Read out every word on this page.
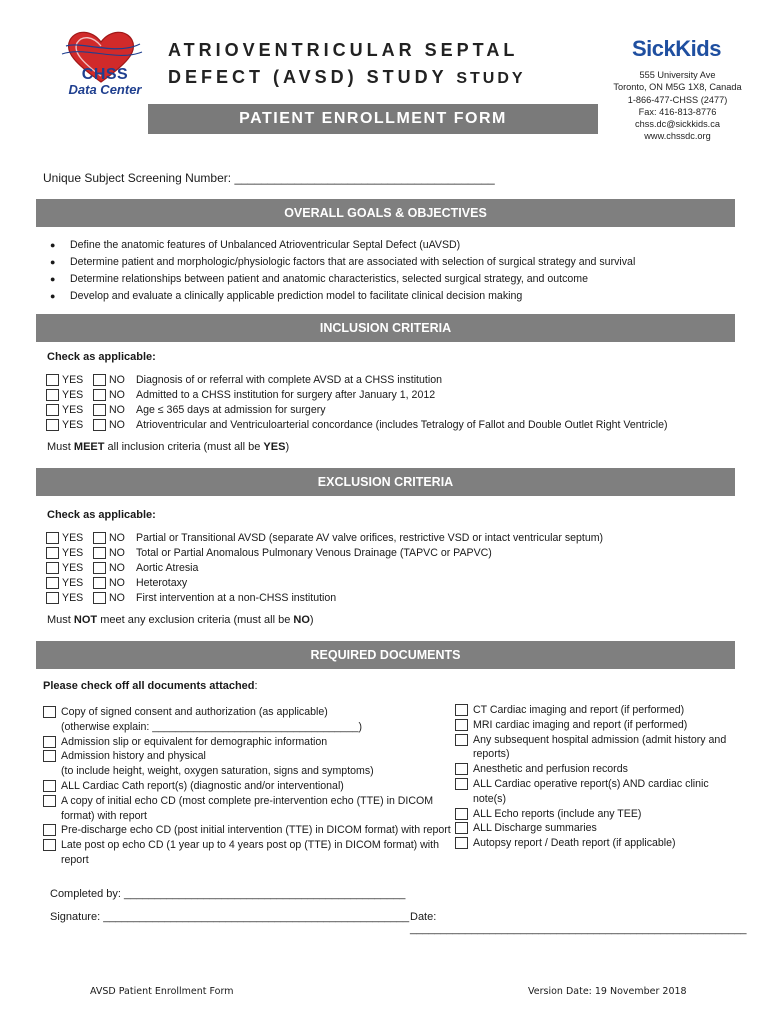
CHSS
Data Center
ATRIOVENTRICULAR SEPTAL
DEFECT (AVSD) STUDY STUDY
PATIENT ENROLLMENT FORM
SickKids
555 University Ave
Toronto, ON M5G 1X8, Canada
1-866-477-CHSS (2477)
Fax: 416-813-8776
chss.dc@sickkids.ca
www.chssdc.org
Unique Subject Screening Number: _______________________________________
OVERALL GOALS & OBJECTIVES
●	Define the anatomic features of Unbalanced Atrioventricular Septal Defect (uAVSD)
●	Determine patient and morphologic/physiologic factors that are associated with selection of surgical strategy and survival
●	Determine relationships between patient and anatomic characteristics, selected surgical strategy, and outcome
●	Develop and evaluate a clinically applicable prediction model to facilitate clinical decision making
INCLUSION CRITERIA
Check as applicable:
YES	NO	Diagnosis of or referral with complete AVSD at a CHSS institution
YES	NO	Admitted to a CHSS institution for surgery after January 1, 2012
YES	NO	Age ≤ 365 days at admission for surgery
YES	NO	Atrioventricular and Ventriculoarterial concordance (includes Tetralogy of Fallot and Double Outlet Right Ventricle)
Must MEET all inclusion criteria (must all be YES)
EXCLUSION CRITERIA
Check as applicable:
YES	NO	Partial or Transitional AVSD (separate AV valve orifices, restrictive VSD or intact ventricular septum)
YES	NO	Total or Partial Anomalous Pulmonary Venous Drainage (TAPVC or PAPVC)
YES	NO	Aortic Atresia
YES	NO	Heterotaxy
YES	NO	First intervention at a non-CHSS institution
Must NOT meet any exclusion criteria (must all be NO)
REQUIRED DOCUMENTS
Please check off all documents attached:
Copy of signed consent and authorization (as applicable)
(otherwise explain: ___________________________________)
Admission slip or equivalent for demographic information
Admission history and physical
(to include height, weight, oxygen saturation, signs and symptoms)
ALL Cardiac Cath report(s) (diagnostic and/or interventional)
A copy of initial echo CD (most complete pre-intervention echo (TTE) in DICOM
format) with report
Pre-discharge echo CD (post initial intervention (TTE) in DICOM format) with report
Late post op echo CD (1 year up to 4 years post op (TTE) in DICOM format) with
report
CT Cardiac imaging and report (if performed)
MRI cardiac imaging and report (if performed)
Any subsequent hospital admission (admit history and
reports)
Anesthetic and perfusion records
ALL Cardiac operative report(s) AND cardiac clinic
note(s)
ALL Echo reports (include any TEE)
ALL Discharge summaries
Autopsy report / Death report (if applicable)
Completed by: ______________________________________________
Signature: __________________________________________________ Date: _______________________________________________________
AVSD Patient Enrollment Form	Version Date: 19 November 2018
